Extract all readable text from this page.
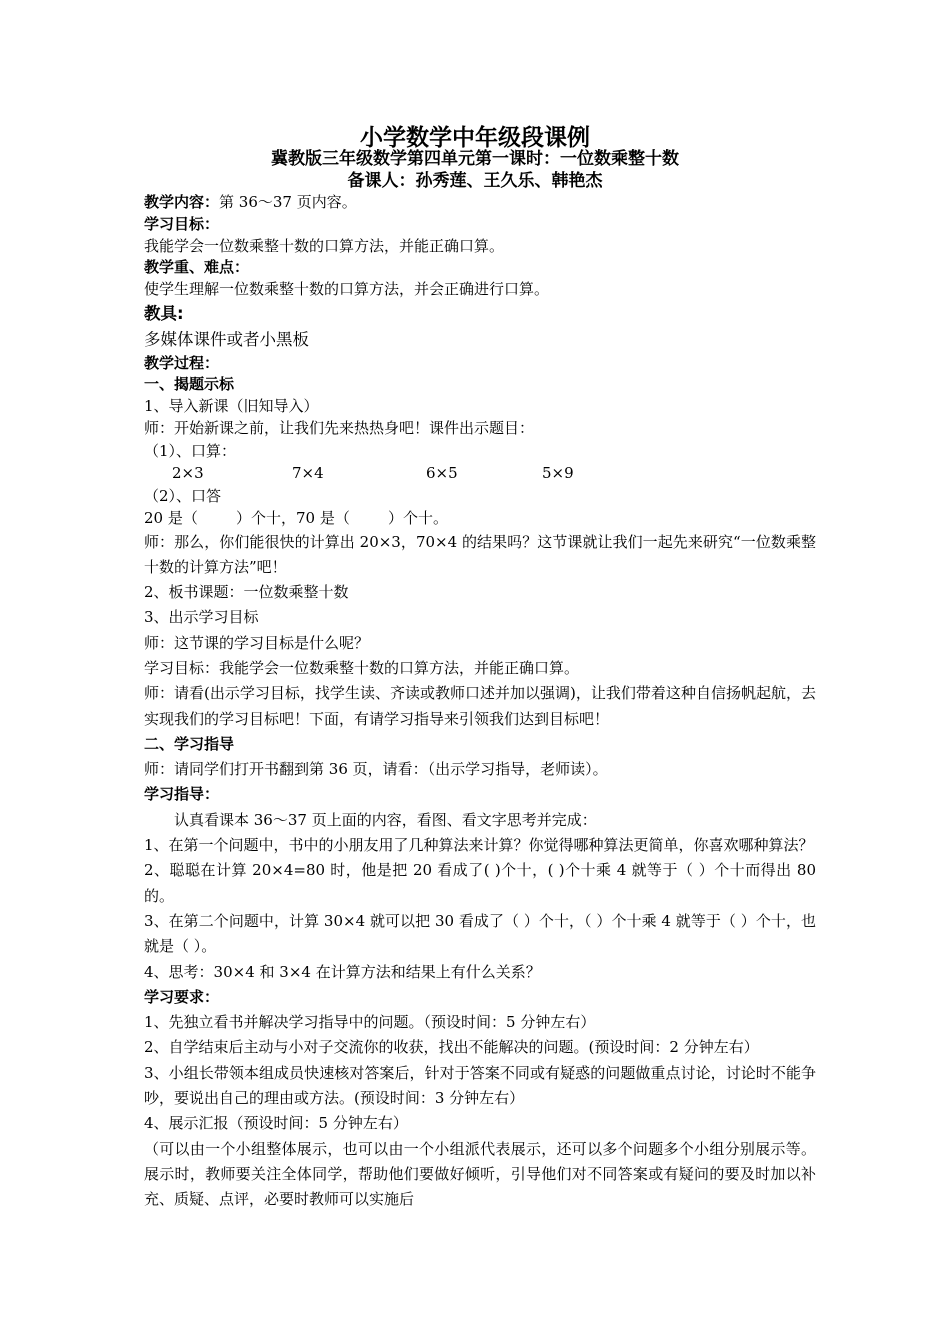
小学数学中年级段课例
冀教版三年级数学第四单元第一课时：一位数乘整十数
备课人：孙秀莲、王久乐、韩艳杰
教学内容：第 36～37 页内容。
学习目标：
我能学会一位数乘整十数的口算方法，并能正确口算。
教学重、难点：
使学生理解一位数乘整十数的口算方法，并会正确进行口算。
教具:
多媒体课件或者小黑板
教学过程：
一、揭题示标
1、导入新课（旧知导入）
师：开始新课之前，让我们先来热热身吧！课件出示题目：
（1）、口算：
2×3	7×4	6×5	5×9
（2）、口答
20 是（        ）个十，70 是（        ）个十。
师：那么，你们能很快的计算出 20×3，70×4 的结果吗？这节课就让我们一起先来研究“一位数乘整十数的计算方法”吧！
2、板书课题：一位数乘整十数
3、出示学习目标
师：这节课的学习目标是什么呢？
学习目标：我能学会一位数乘整十数的口算方法，并能正确口算。
师：请看(出示学习目标，找学生读、齐读或教师口述并加以强调)，让我们带着这种自信扬帆起航，去实现我们的学习目标吧！下面，有请学习指导来引领我们达到目标吧！
二、学习指导
师：请同学们打开书翻到第 36 页，请看：（出示学习指导，老师读）。
学习指导：
认真看课本 36～37 页上面的内容，看图、看文字思考并完成：
1、在第一个问题中，书中的小朋友用了几种算法来计算？你觉得哪种算法更简单，你喜欢哪种算法？
2、聪聪在计算 20×4=80 时，他是把 20 看成了( )个十，( )个十乘 4 就等于（ ）个十而得出 80 的。
3、在第二个问题中，计算 30×4 就可以把 30 看成了（ ）个十，（ ）个十乘 4 就等于（ ）个十，也就是（ ）。
4、思考：30×4 和 3×4 在计算方法和结果上有什么关系？
学习要求：
1、先独立看书并解决学习指导中的问题。（预设时间：5 分钟左右）
2、自学结束后主动与小对子交流你的收获，找出不能解决的问题。(预设时间：2 分钟左右）
3、小组长带领本组成员快速核对答案后，针对于答案不同或有疑惑的问题做重点讨论，讨论时不能争吵，要说出自己的理由或方法。(预设时间：3 分钟左右）
4、展示汇报（预设时间：5 分钟左右）
（可以由一个小组整体展示，也可以由一个小组派代表展示，还可以多个问题多个小组分别展示等。展示时，教师要关注全体同学，帮助他们要做好倾听，引导他们对不同答案或有疑问的要及时加以补充、质疑、点评，必要时教师可以实施后
